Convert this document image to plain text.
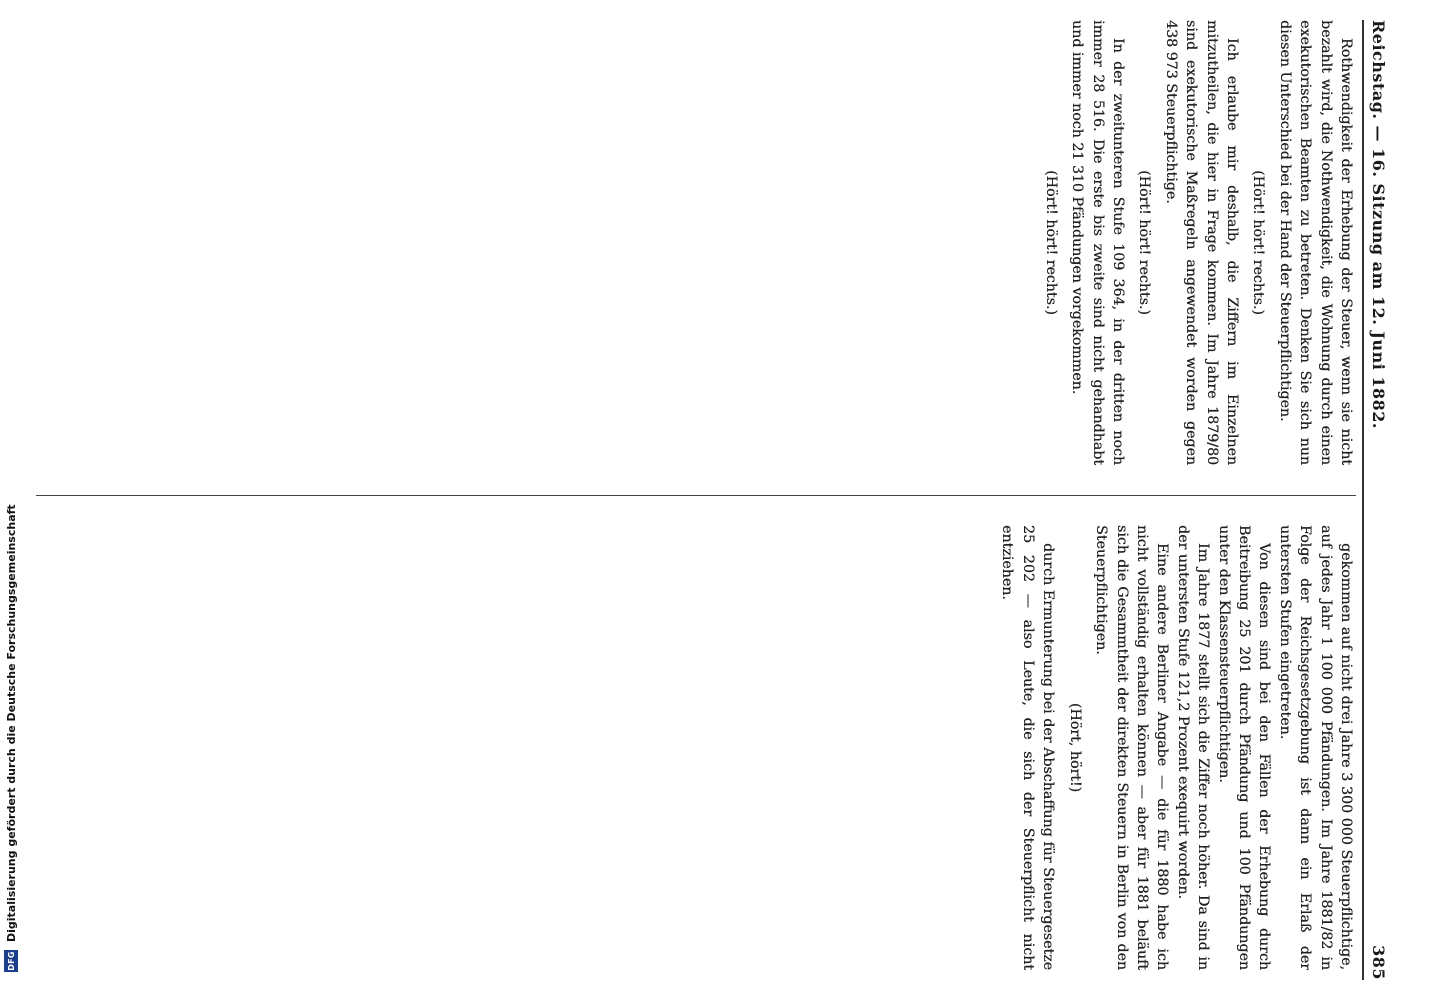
Reichstag. — 16. Sitzung am 12. Juni 1882.
385

Rothwendigkeit der Erhebung der Steuer, wenn sie nicht bezahlt wird, die Nothwendigkeit, die Wohnung durch einen exekutorischen Beamten zu betreten. Denken Sie sich nun diesen Unterschied bei der Hand der Steuerpflichtigen.

(Hört! hört! rechts.)

Ich erlaube mir deshalb, die Ziffern im Einzelnen mitzutheilen, die hier in Frage kommen. Im Jahre 1879/80 sind exekutorische Maßregeln angewendet worden gegen 438 973 Steuerpflichtige.

(Hört! hört! rechts.)

In der zweitunteren Stufe 109 364, in der dritten noch immer 28 516. Die erste bis zweite sind nicht gehandhabt und immer noch 21 310 Pfändungen vorgekommen.

(Hört! hört! rechts.)

gekommen auf nicht drei Jahre 3 300 000 Steuerpflichtige, auf jedes Jahr 1 100 000 Pfändungen. Im Jahre 1881/82 in Folge der Reichsgesetzgebung ist dann ein Erlaß der untersten Stufen eingetreten.

Von diesen sind bei den Fällen der Erhebung durch Beitreibung 25 201 durch Pfändung und 100 Pfändungen unter den Klassensteuerpflichtigen.

Im Jahre 1877 stellt sich die Ziffer noch höher. Da sind in der untersten Stufe 121,2 Prozent exequirt worden.

Eine andere Berliner Angabe — die für 1880 habe ich nicht vollständig erhalten können — aber für 1881 beläuft sich die Gesammtheit der direkten Steuern in Berlin von den Steuerpflichtigen.

(Hört, hört!)

durch Ermunterung bei der Abschaffung für Steuergesetze 25 202 — also Leute, die sich der Steuerpflicht nicht entziehen.

DFG
Digitalisierung gefördert durch die Deutsche Forschungsgemeinschaft
